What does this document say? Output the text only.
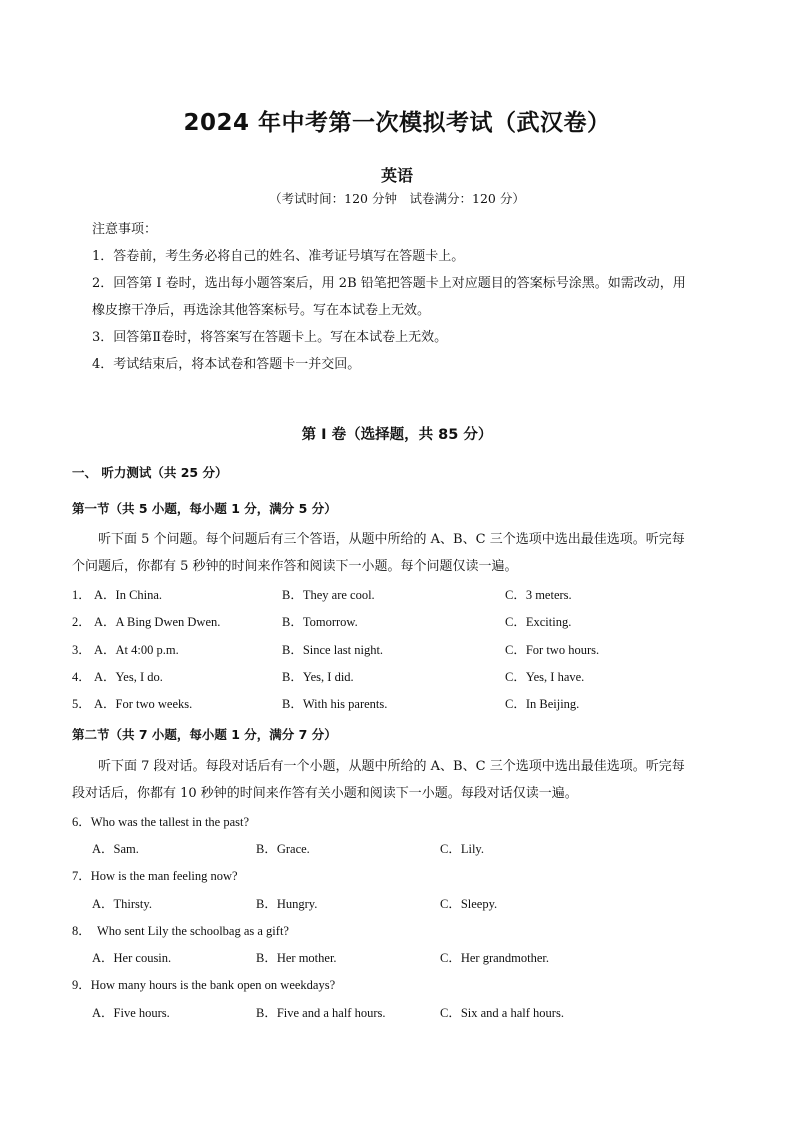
2024 年中考第一次模拟考试（武汉卷）
英语
（考试时间：120 分钟　试卷满分：120 分）
注意事项：
1．答卷前，考生务必将自己的姓名、准考证号填写在答题卡上。
2．回答第 I 卷时，选出每小题答案后，用 2B 铅笔把答题卡上对应题目的答案标号涂黑。如需改动，用
橡皮擦干净后，再选涂其他答案标号。写在本试卷上无效。
3．回答第Ⅱ卷时，将答案写在答题卡上。写在本试卷上无效。
4．考试结束后，将本试卷和答题卡一并交回。
第 I 卷（选择题，共 85 分）
一、 听力测试（共 25 分）
第一节（共 5 小题，每小题 1 分，满分 5 分）
听下面 5 个问题。每个问题后有三个答语，从题中所给的 A、B、C 三个选项中选出最佳选项。听完每
个问题后，你都有 5 秒钟的时间来作答和阅读下一小题。每个问题仅读一遍。
1． A．In China.	B．They are cool.	C．3 meters.
2． A．A Bing Dwen Dwen.	B．Tomorrow.	C．Exciting.
3． A．At 4:00 p.m.	B．Since last night.	C．For two hours.
4． A．Yes, I do.	B．Yes, I did.	C．Yes, I have.
5． A．For two weeks.	B．With his parents.	C．In Beijing.
第二节（共 7 小题，每小题 1 分，满分 7 分）
听下面 7 段对话。每段对话后有一个小题，从题中所给的 A、B、C 三个选项中选出最佳选项。听完每
段对话后，你都有 10 秒钟的时间来作答有关小题和阅读下一小题。每段对话仅读一遍。
6．Who was the tallest in the past?
A．Sam.	B．Grace.	C．Lily.
7．How is the man feeling now?
A．Thirsty.	B．Hungry.	C．Sleepy.
8．　Who sent Lily the schoolbag as a gift?
A．Her cousin.	B．Her mother.	C．Her grandmother.
9．How many hours is the bank open on weekdays?
A．Five hours.	B．Five and a half hours.	C．Six and a half hours.
